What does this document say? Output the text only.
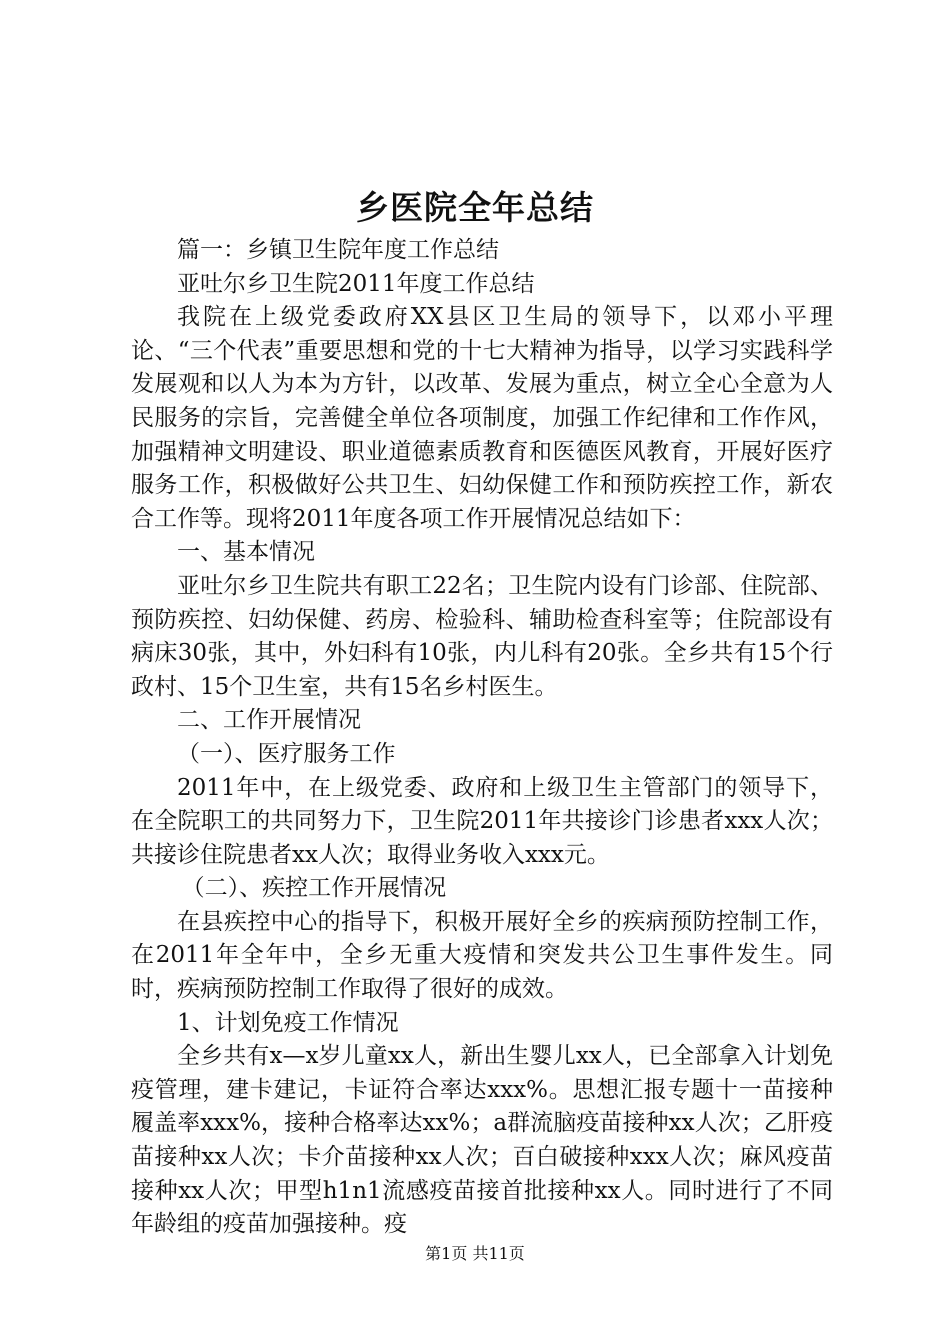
乡医院全年总结

篇一：乡镇卫生院年度工作总结

亚吐尔乡卫生院2011年度工作总结

我院在上级党委政府XX县区卫生局的领导下，以邓小平理论、“三个代表”重要思想和党的十七大精神为指导，以学习实践科学发展观和以人为本为方针，以改革、发展为重点，树立全心全意为人民服务的宗旨，完善健全单位各项制度，加强工作纪律和工作作风，加强精神文明建设、职业道德素质教育和医德医风教育，开展好医疗服务工作，积极做好公共卫生、妇幼保健工作和预防疾控工作，新农合工作等。现将2011年度各项工作开展情况总结如下：

一、基本情况

亚吐尔乡卫生院共有职工22名；卫生院内设有门诊部、住院部、预防疾控、妇幼保健、药房、检验科、辅助检查科室等；住院部设有病床30张，其中，外妇科有10张，内儿科有20张。全乡共有15个行政村、15个卫生室，共有15名乡村医生。

二、工作开展情况

（一）、医疗服务工作

2011年中，在上级党委、政府和上级卫生主管部门的领导下，在全院职工的共同努力下，卫生院2011年共接诊门诊患者xxx人次；共接诊住院患者xx人次；取得业务收入xxx元。

（二）、疾控工作开展情况

在县疾控中心的指导下，积极开展好全乡的疾病预防控制工作，在2011年全年中，全乡无重大疫情和突发共公卫生事件发生。同时，疾病预防控制工作取得了很好的成效。

1、计划免疫工作情况

全乡共有x—x岁儿童xx人，新出生婴儿xx人，已全部拿入计划免疫管理，建卡建记，卡证符合率达xxx%。思想汇报专题十一苗接种履盖率xxx%，接种合格率达xx%；a群流脑疫苗接种xx人次；乙肝疫苗接种xx人次；卡介苗接种xx人次；百白破接种xxx人次；麻风疫苗接种xx人次；甲型h1n1流感疫苗接首批接种xx人。同时进行了不同年龄组的疫苗加强接种。疫

第1页 共11页
